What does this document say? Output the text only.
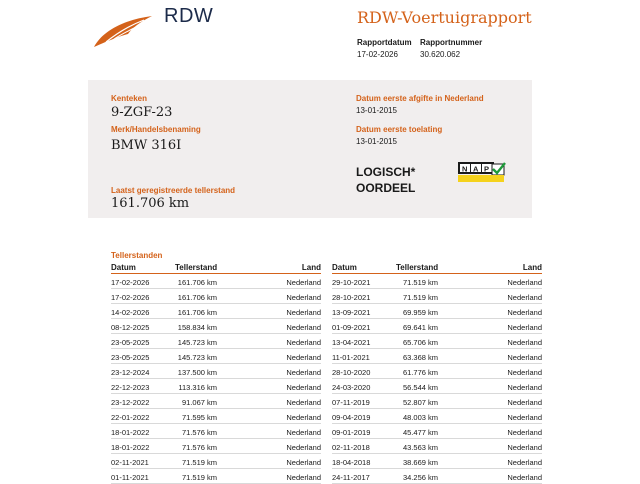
RDW	RDW-Voertuigrapport
Rapportdatum
17-02-2026
Rapportnummer
30.620.062
Kenteken
9-ZGF-23
Merk/Handelsbenaming
BMW 316I
Laatst geregistreerde tellerstand
161.706 km
Datum eerste afgifte in Nederland
13-01-2015
Datum eerste toelating
13-01-2015
LOGISCH*
OORDEEL
N A P
Tellerstanden
Datum	Tellerstand	Land
17-02-2026	161.706 km	Nederland
17-02-2026	161.706 km	Nederland
14-02-2026	161.706 km	Nederland
08-12-2025	158.834 km	Nederland
23-05-2025	145.723 km	Nederland
23-05-2025	145.723 km	Nederland
23-12-2024	137.500 km	Nederland
22-12-2023	113.316 km	Nederland
23-12-2022	91.067 km	Nederland
22-01-2022	71.595 km	Nederland
18-01-2022	71.576 km	Nederland
18-01-2022	71.576 km	Nederland
02-11-2021	71.519 km	Nederland
01-11-2021	71.519 km	Nederland
Datum	Tellerstand	Land
29-10-2021	71.519 km	Nederland
28-10-2021	71.519 km	Nederland
13-09-2021	69.959 km	Nederland
01-09-2021	69.641 km	Nederland
13-04-2021	65.706 km	Nederland
11-01-2021	63.368 km	Nederland
28-10-2020	61.776 km	Nederland
24-03-2020	56.544 km	Nederland
07-11-2019	52.807 km	Nederland
09-04-2019	48.003 km	Nederland
09-01-2019	45.477 km	Nederland
02-11-2018	43.563 km	Nederland
18-04-2018	38.669 km	Nederland
24-11-2017	34.256 km	Nederland
